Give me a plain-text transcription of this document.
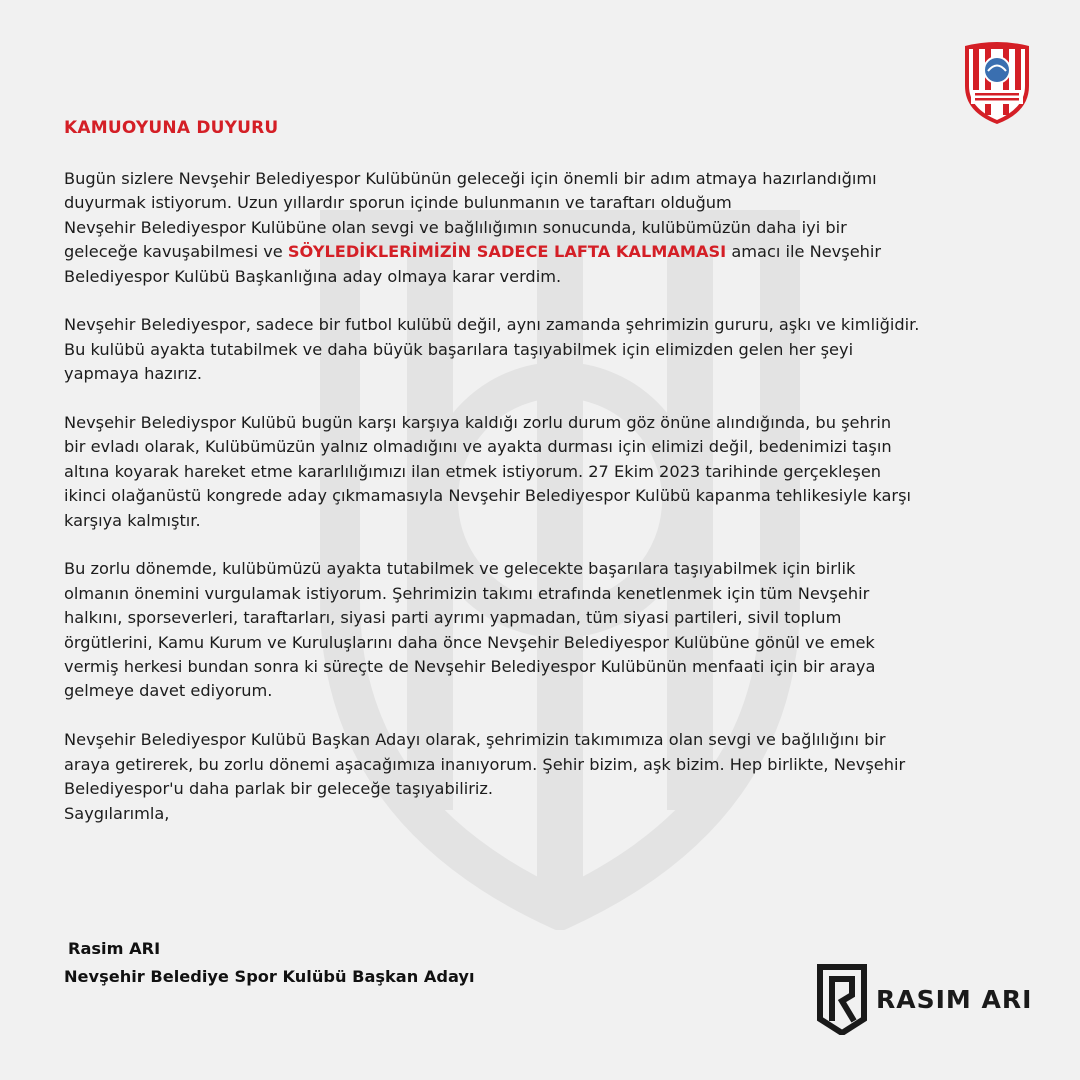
KAMUOYUNA DUYURU

Bugün sizlere Nevşehir Belediyespor Kulübünün geleceği için önemli bir adım atmaya hazırlandığımı
duyurmak istiyorum. Uzun yıllardır sporun içinde bulunmanın ve taraftarı olduğum
Nevşehir Belediyespor Kulübüne olan sevgi ve bağlılığımın sonucunda, kulübümüzün daha iyi bir
geleceğe kavuşabilmesi ve SÖYLEDİKLERİMİZİN SADECE LAFTA KALMAMASI amacı ile Nevşehir
Belediyespor Kulübü Başkanlığına aday olmaya karar verdim.

Nevşehir Belediyespor, sadece bir futbol kulübü değil, aynı zamanda şehrimizin gururu, aşkı ve kimliğidir.
Bu kulübü ayakta tutabilmek ve daha büyük başarılara taşıyabilmek için elimizden gelen her şeyi
yapmaya hazırız.

Nevşehir Belediyspor Kulübü bugün karşı karşıya kaldığı zorlu durum göz önüne alındığında, bu şehrin
bir evladı olarak, Kulübümüzün yalnız olmadığını ve ayakta durması için elimizi değil, bedenimizi taşın
altına koyarak hareket etme kararlılığımızı ilan etmek istiyorum. 27 Ekim 2023 tarihinde gerçekleşen
ikinci olağanüstü kongrede aday çıkmamasıyla Nevşehir Belediyespor Kulübü kapanma tehlikesiyle karşı
karşıya kalmıştır.

Bu zorlu dönemde, kulübümüzü ayakta tutabilmek ve gelecekte başarılara taşıyabilmek için birlik
olmanın önemini vurgulamak istiyorum. Şehrimizin takımı etrafında kenetlenmek için tüm Nevşehir
halkını, sporseverleri, taraftarları, siyasi parti ayrımı yapmadan, tüm siyasi partileri, sivil toplum
örgütlerini, Kamu Kurum ve Kuruluşlarını daha önce Nevşehir Belediyespor Kulübüne gönül ve emek
vermiş herkesi bundan sonra ki süreçte de Nevşehir Belediyespor Kulübünün menfaati için bir araya
gelmeye davet ediyorum.

Nevşehir Belediyespor Kulübü Başkan Adayı olarak, şehrimizin takımımıza olan sevgi ve bağlılığını bir
araya getirerek, bu zorlu dönemi aşacağımıza inanıyorum. Şehir bizim, aşk bizim. Hep birlikte, Nevşehir
Belediyespor'u daha parlak bir geleceğe taşıyabiliriz.
Saygılarımla,

Rasim ARI
Nevşehir Belediye Spor Kulübü Başkan Adayı
RASIM ARI
